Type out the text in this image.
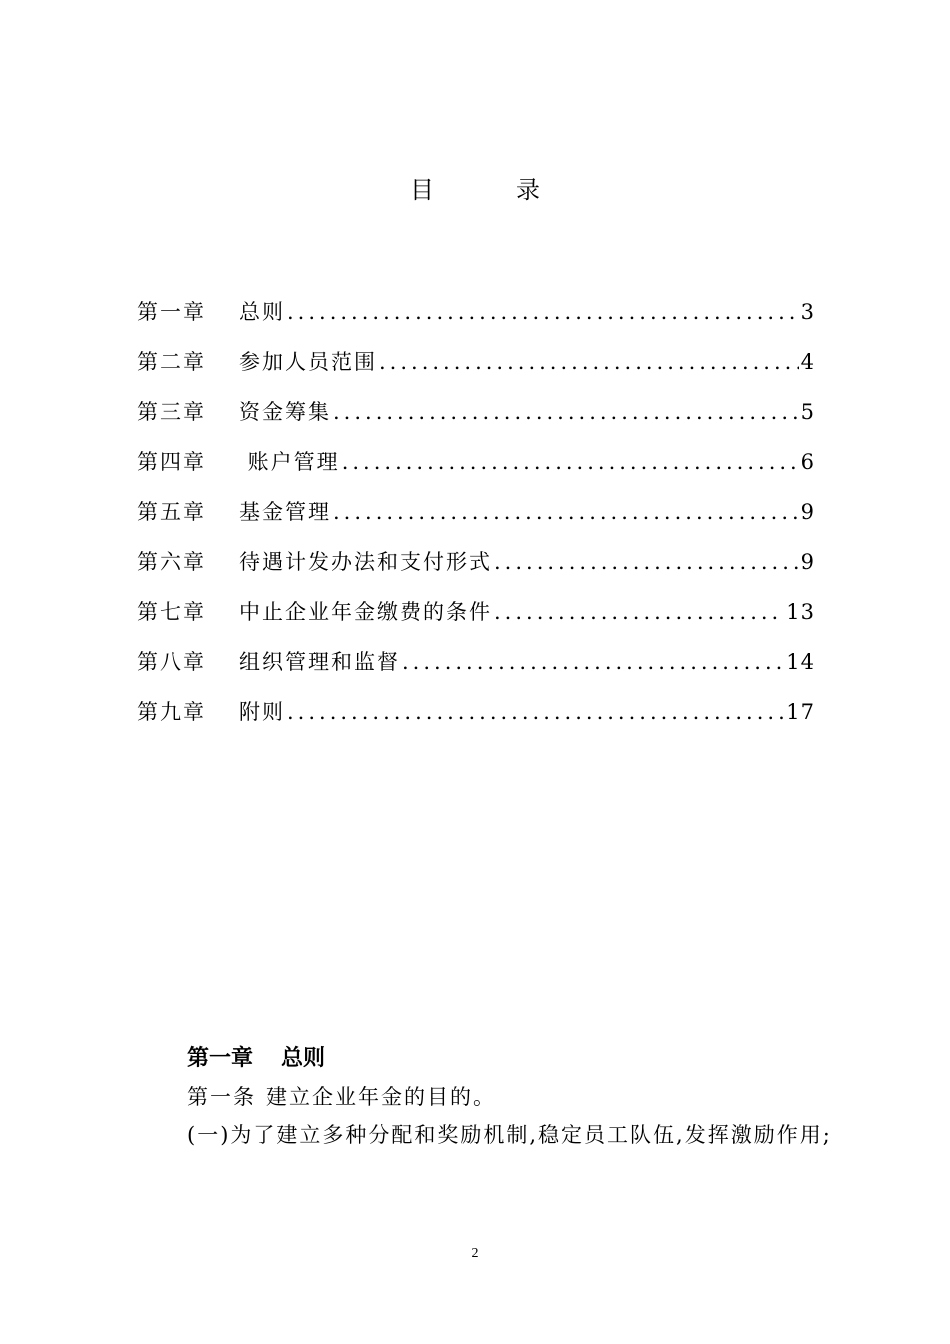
目录
第一章	总则 .....	3
第二章	参加人员范围 .....	4
第三章	资金筹集 .....	5
第四章	账户管理 .....	6
第五章	基金管理 .....	9
第六章	待遇计发办法和支付形式 .....	9
第七章	中止企业年金缴费的条件 .....	13
第八章	组织管理和监督 .....	14
第九章	附则 .....	17
第一章 总则
第一条 建立企业年金的目的。
(一)为了建立多种分配和奖励机制,稳定员工队伍,发挥激励作用;
2
